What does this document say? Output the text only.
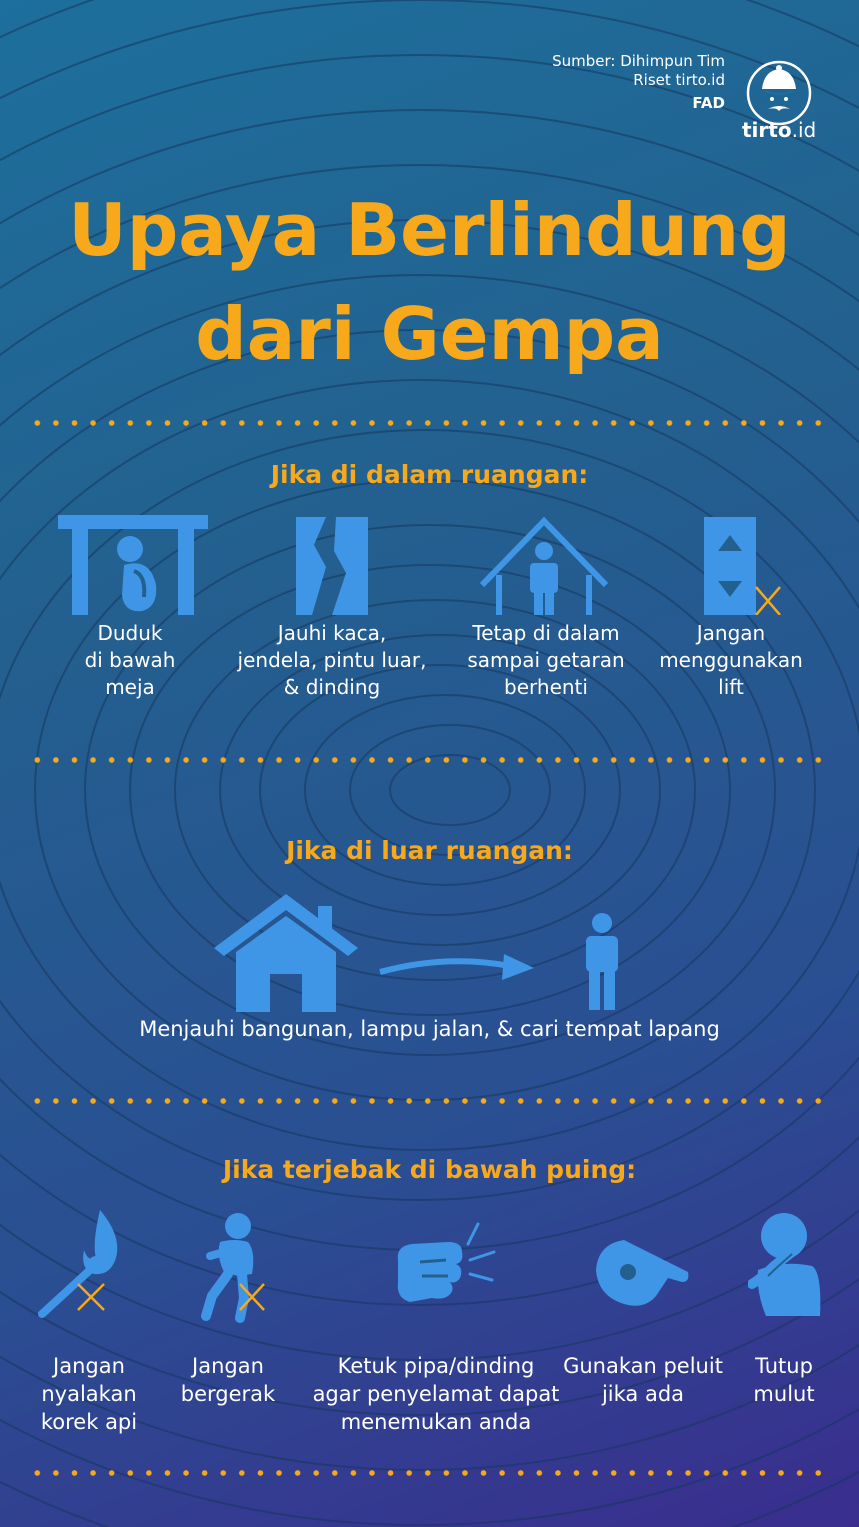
Sumber: Dihimpun Tim
Riset tirto.id
FAD
tirto.id
Upaya Berlindung
dari Gempa
Jika di dalam ruangan:
Duduk
di bawah
meja
Jauhi kaca,
jendela, pintu luar,
& dinding
Tetap di dalam
sampai getaran
berhenti
Jangan
menggunakan
lift
Jika di luar ruangan:
Menjauhi bangunan, lampu jalan, & cari tempat lapang
Jika terjebak di bawah puing:
Jangan
nyalakan
korek api
Jangan
bergerak
Ketuk pipa/dinding
agar penyelamat dapat
menemukan anda
Gunakan peluit
jika ada
Tutup
mulut
